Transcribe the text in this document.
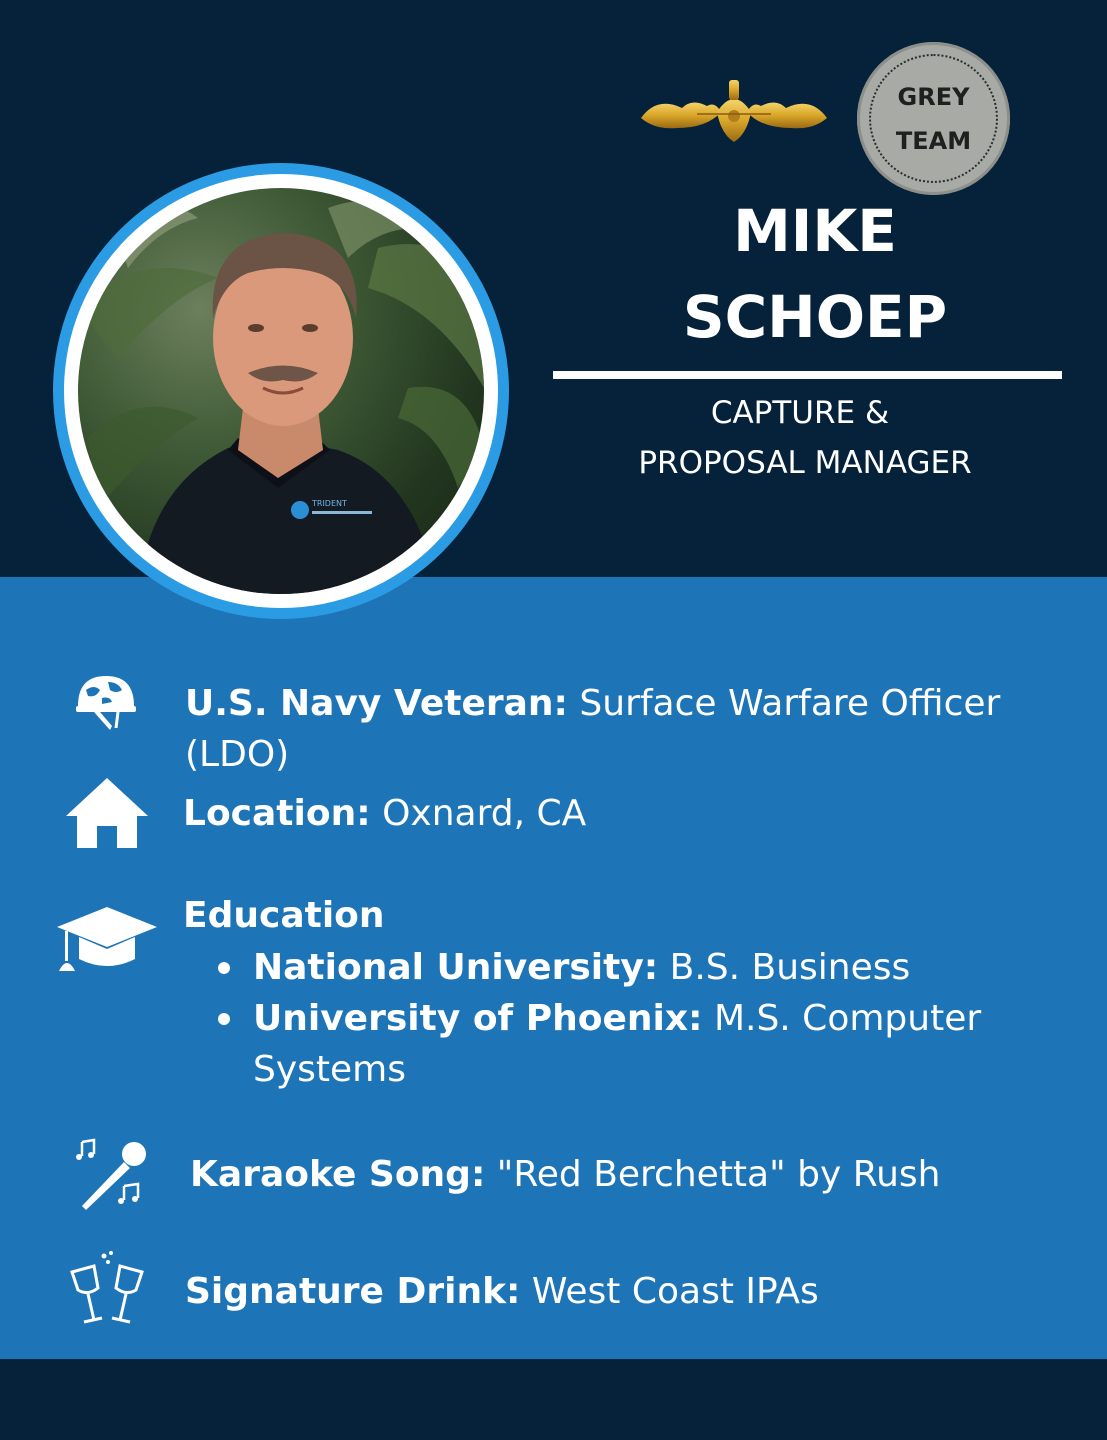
TRIDENT
GREY
TEAM
MIKE
SCHOEP
CAPTURE &
PROPOSAL MANAGER
U.S. Navy Veteran: Surface Warfare Officer
(LDO)
Location: Oxnard, CA
Education
National University: B.S. Business
University of Phoenix: M.S. Computer
Systems
Karaoke Song: "Red Berchetta" by Rush
Signature Drink: West Coast IPAs
